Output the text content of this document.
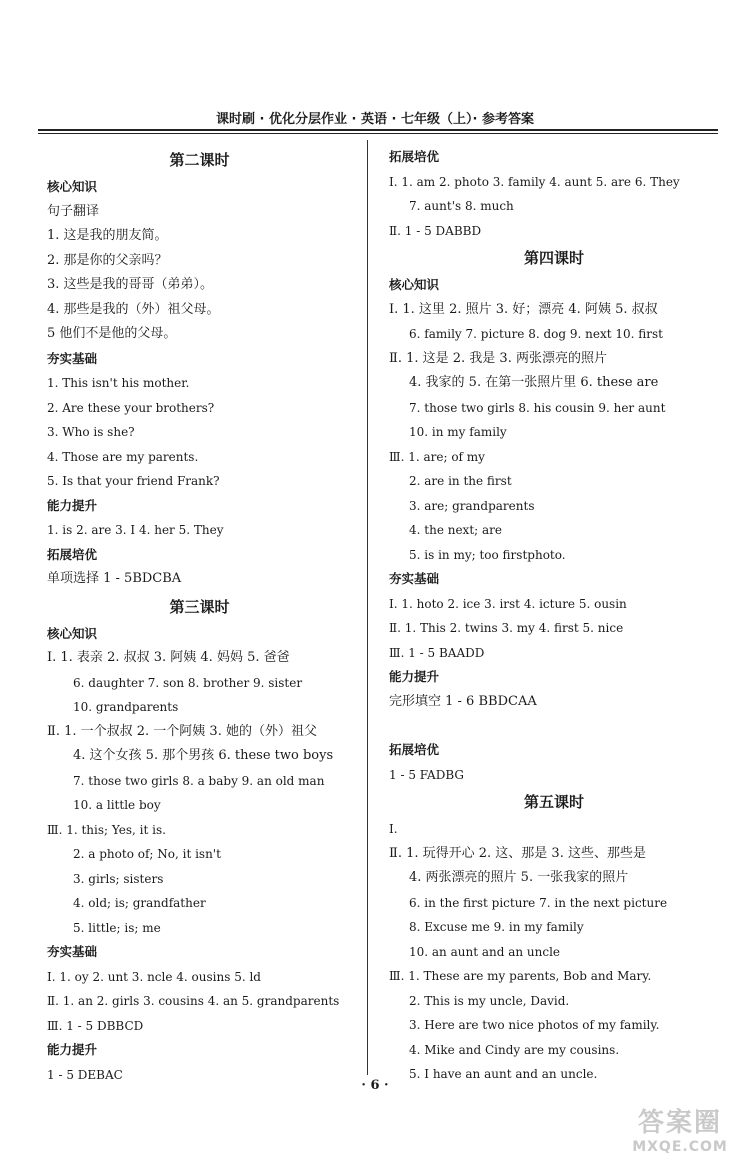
课时刷 · 优化分层作业 · 英语 · 七年级（上）· 参考答案
第二课时
核心知识
句子翻译
1. 这是我的朋友简。
2. 那是你的父亲吗？
3. 这些是我的哥哥（弟弟）。
4. 那些是我的（外）祖父母。
5 他们不是他的父母。
夯实基础
1. This isn't his mother.
2. Are these your brothers?
3. Who is she?
4. Those are my parents.
5. Is that your friend Frank?
能力提升
1. is 2. are 3. I 4. her 5. They
拓展培优
单项选择 1 - 5BDCBA
第三课时
核心知识
Ⅰ. 1. 表亲 2. 叔叔 3. 阿姨 4. 妈妈 5. 爸爸
6. daughter 7. son 8. brother 9. sister
10. grandparents
Ⅱ. 1. 一个叔叔 2. 一个阿姨 3. 她的（外）祖父
4. 这个女孩 5. 那个男孩 6. these two boys
7. those two girls 8. a baby 9. an old man
10. a little boy
Ⅲ. 1. this; Yes, it is.
2. a photo of; No, it isn't
3. girls; sisters
4. old; is; grandfather
5. little; is; me
夯实基础
Ⅰ. 1. oy 2. unt 3. ncle 4. ousins 5. ld
Ⅱ. 1. an 2. girls 3. cousins 4. an 5. grandparents
Ⅲ. 1 - 5 DBBCD
能力提升
1 - 5 DEBAC
拓展培优
Ⅰ. 1. am 2. photo 3. family 4. aunt 5. are 6. They
7. aunt's 8. much
Ⅱ. 1 - 5 DABBD
第四课时
核心知识
Ⅰ. 1. 这里 2. 照片 3. 好；漂亮 4. 阿姨 5. 叔叔
6. family 7. picture 8. dog 9. next 10. first
Ⅱ. 1. 这是 2. 我是 3. 两张漂亮的照片
4. 我家的 5. 在第一张照片里 6. these are
7. those two girls 8. his cousin 9. her aunt
10. in my family
Ⅲ. 1. are; of my
2. are in the first
3. are; grandparents
4. the next; are
5. is in my; too firstphoto.
夯实基础
Ⅰ. 1. hoto 2. ice 3. irst 4. icture 5. ousin
Ⅱ. 1. This 2. twins 3. my 4. first 5. nice
Ⅲ. 1 - 5 BAADD
能力提升
完形填空 1 - 6 BBDCAA
拓展培优
1 - 5 FADBG
第五课时
Ⅰ.
Ⅱ. 1. 玩得开心 2. 这、那是 3. 这些、那些是
4. 两张漂亮的照片 5. 一张我家的照片
6. in the first picture 7. in the next picture
8. Excuse me 9. in my family
10. an aunt and an uncle
Ⅲ. 1. These are my parents, Bob and Mary.
2. This is my uncle, David.
3. Here are two nice photos of my family.
4. Mike and Cindy are my cousins.
5. I have an aunt and an uncle.
· 6 ·
答案圈
MXQE.COM
